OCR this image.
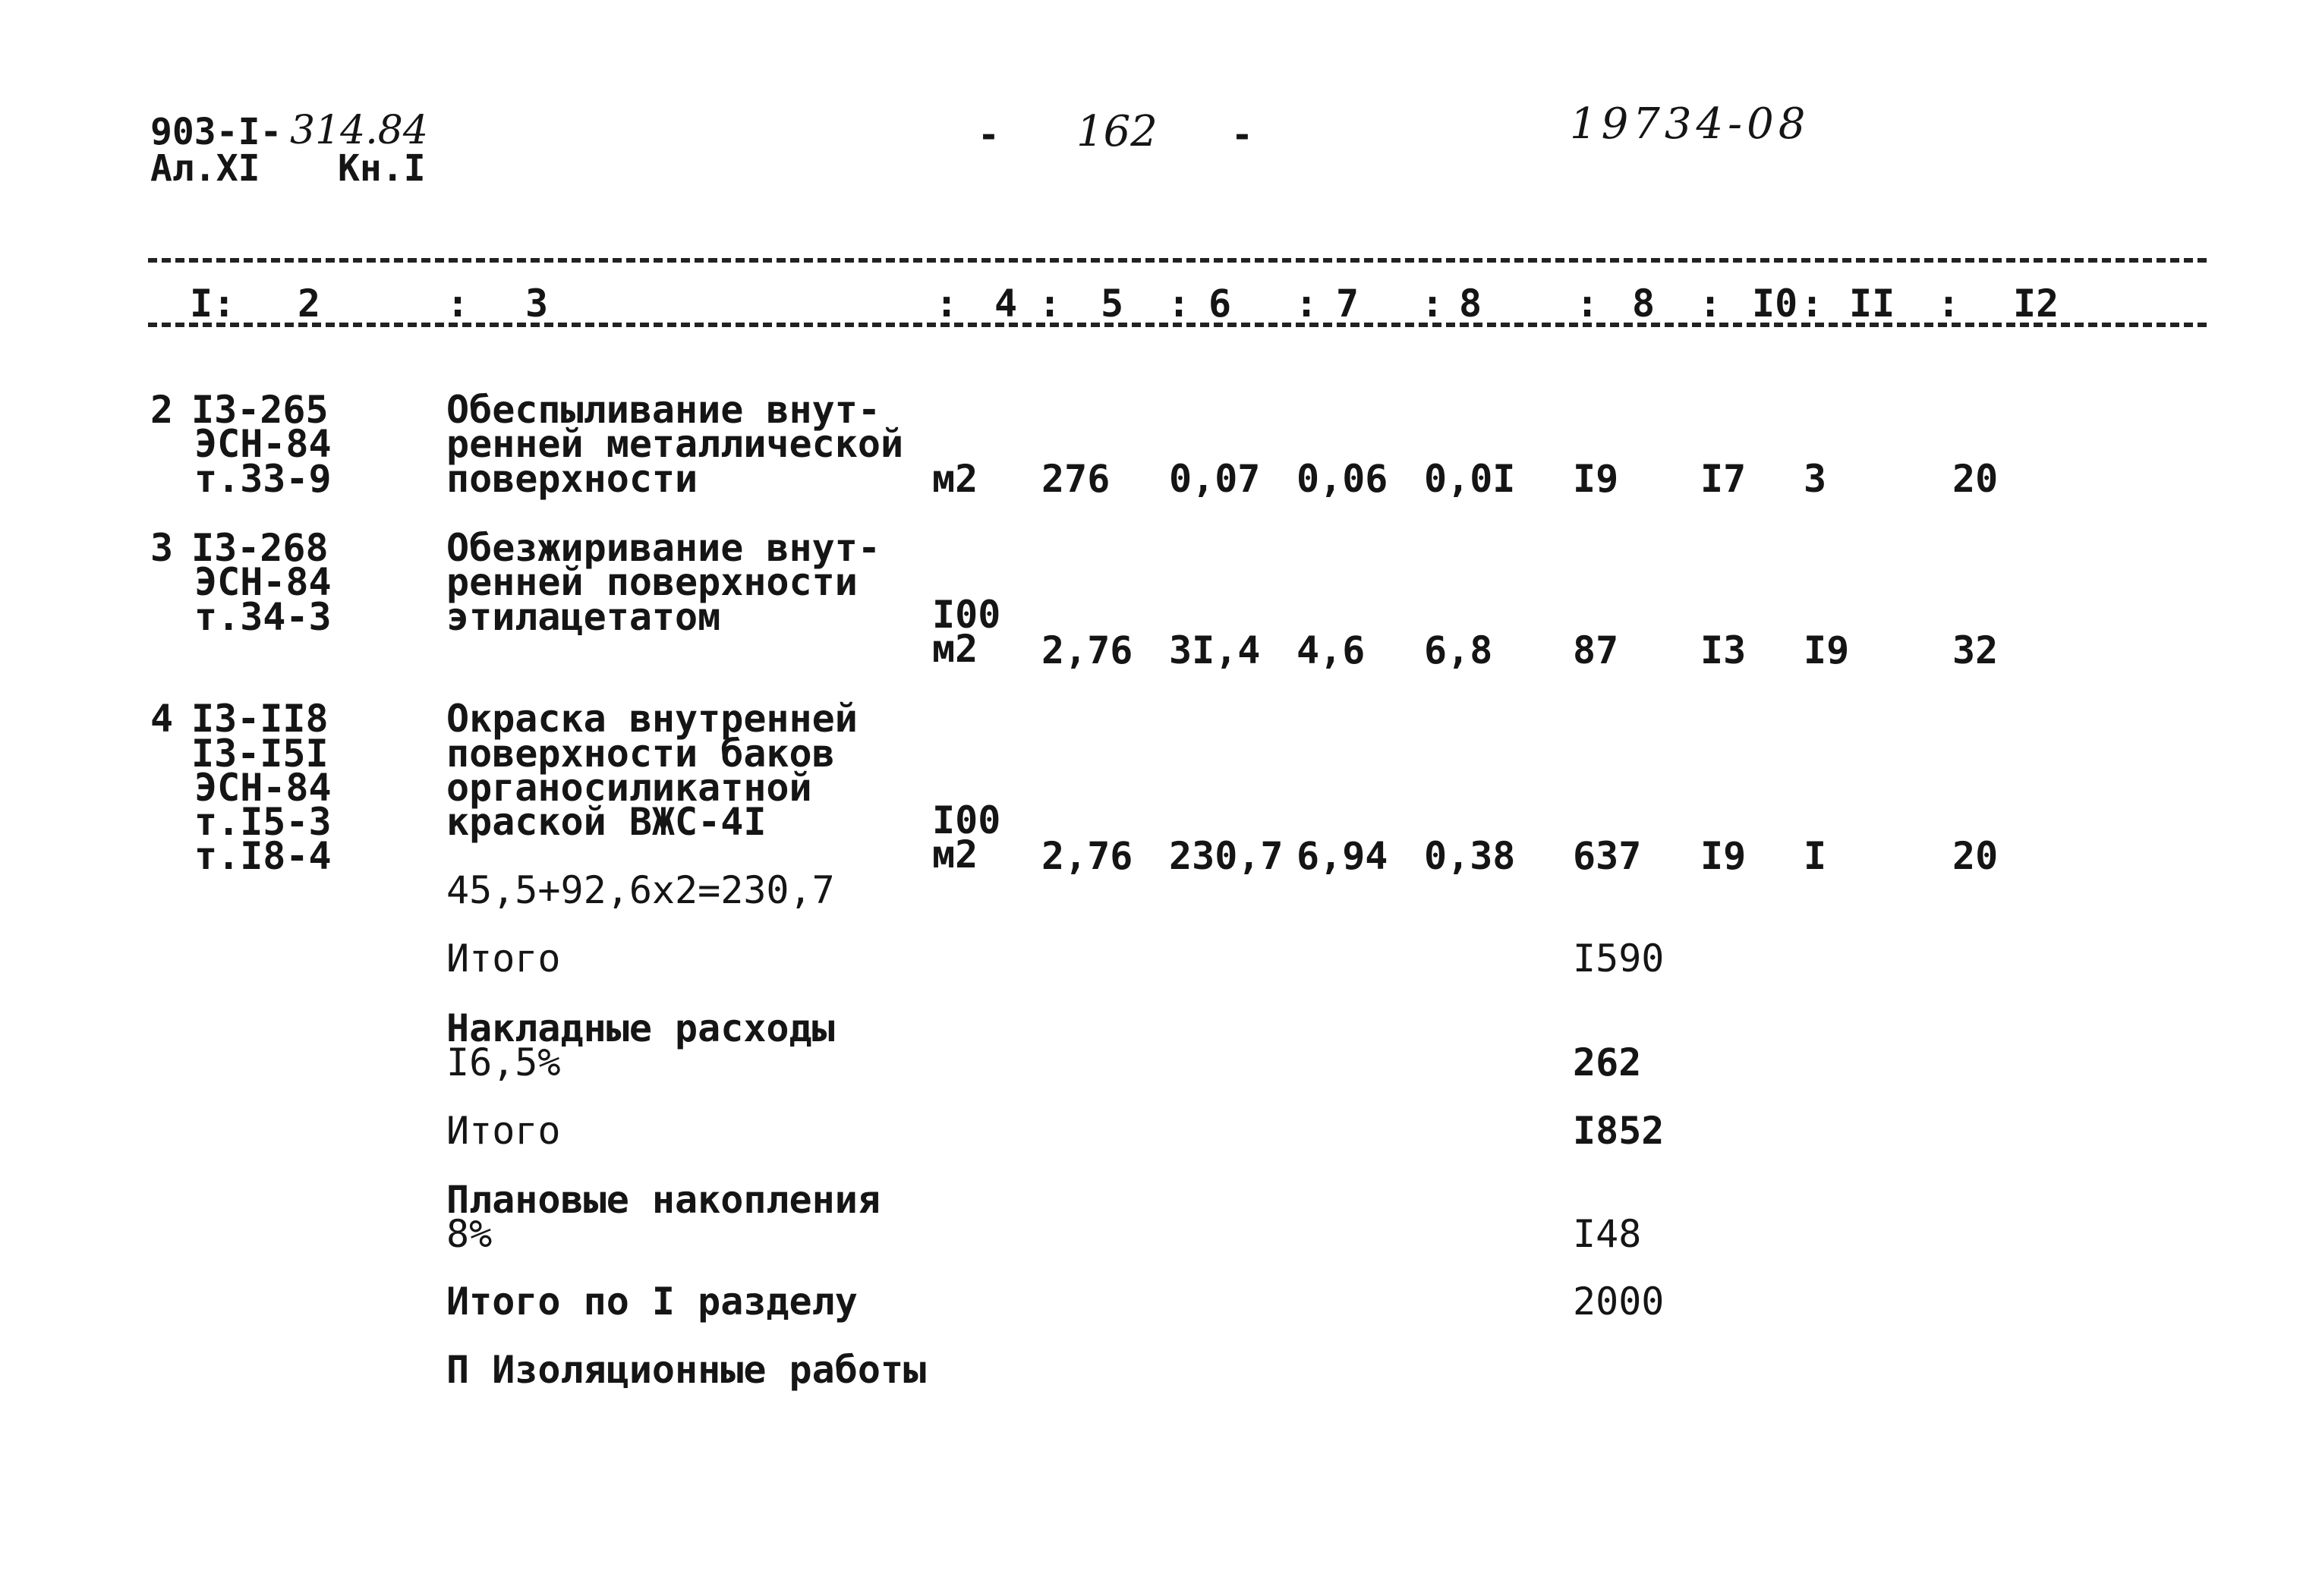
903-I- 314.84
Ал.XI Кн.I
- 162 -	19734-08
I: 2	: 3	: 4 : 5 : 6 : 7 : 8 : 8 : I0 : II : I2
2 I3-265
ЭСН-84
т.33-9
Обеспыливание внут-
ренней металлической
поверхности	м2 276 0,07 0,06 0,0I I9 I7 3	20
3 I3-268
ЭСН-84
т.34-3
Обезжиривание внут-
ренней поверхности
этилацетатом	I00
м2 2,76 3I,4 4,6 6,8 87 I3 I9	32
4 I3-II8
I3-I5I
ЭСН-84
т.I5-3
т.I8-4
Окраска внутренней
поверхности баков
органосиликатной
краской ВЖС-4I
45,5+92,6x2=230,7
I00
м2 2,76 230,7 6,94 0,38 637 I9 I	20
Итого	I590
Накладные расходы
I6,5%	262
Итого	I852
Плановые накопления
8%	I48
Итого по I разделу	2000
П Изоляционные работы
